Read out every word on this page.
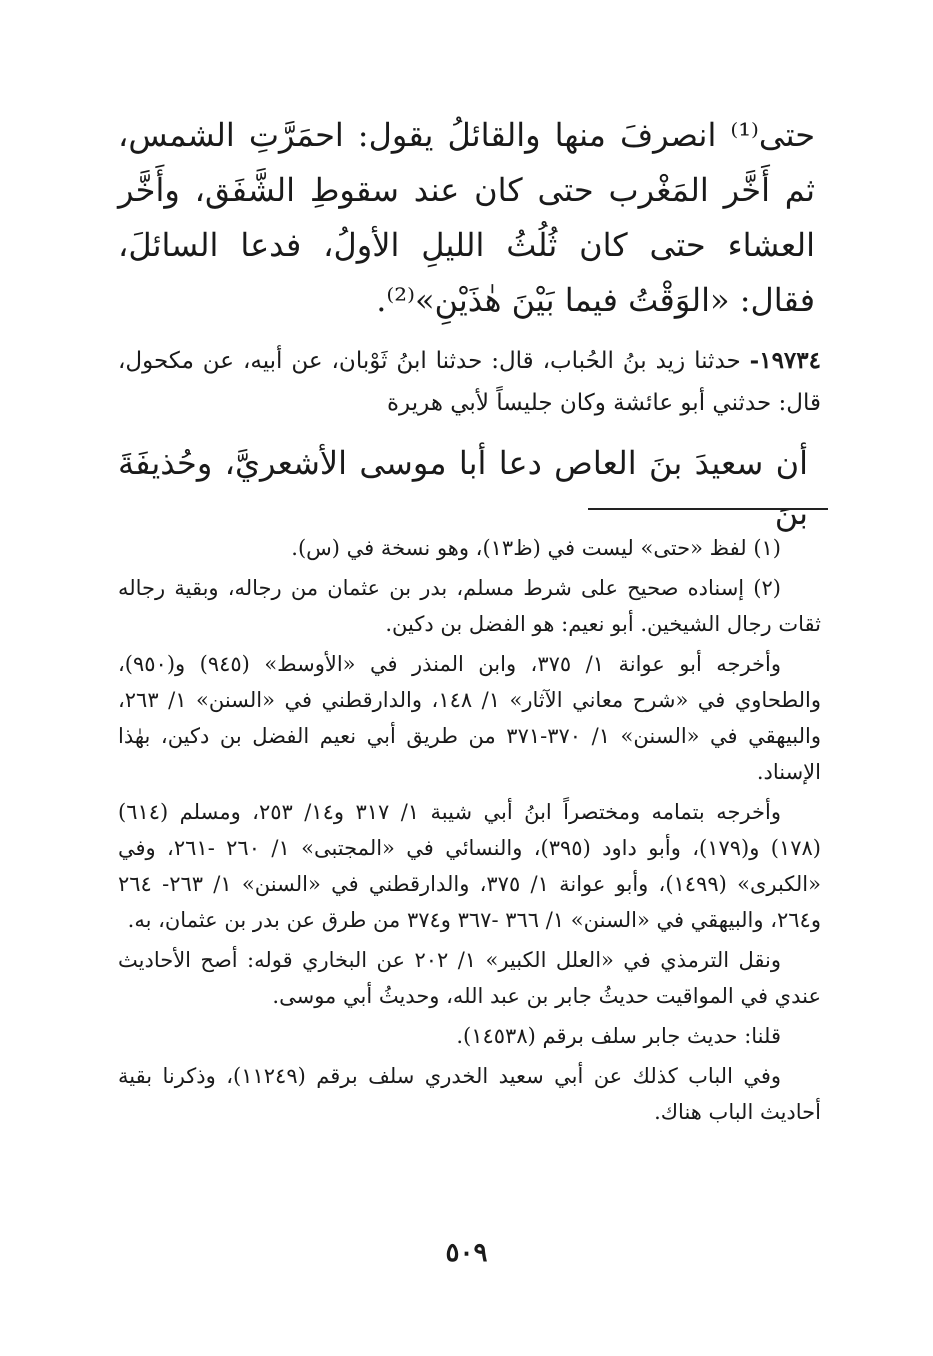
حتى⁽¹⁾ انصرفَ منها والقائلُ يقول: احمَرَّتِ الشمس، ثم أَخَّر المَغْرب حتى كان عند سقوطِ الشَّفَق، وأَخَّر العشاء حتى كان ثُلُثُ الليلِ الأولُ، فدعا السائلَ، فقال: «الوَقْتُ فيما بَيْنَ هٰذَيْنِ»⁽²⁾.
١٩٧٣٤- حدثنا زيد بنُ الحُباب، قال: حدثنا ابنُ ثَوْبان، عن أبيه، عن مكحول، قال: حدثني أبو عائشة وكان جليساً لأبي هريرة
أن سعيدَ بنَ العاص دعا أبا موسى الأشعريَّ، وحُذيفَةَ بنَ

(١) لفظ «حتى» ليست في (ظ١٣)، وهو نسخة في (س).

(٢) إسناده صحيح على شرط مسلم، بدر بن عثمان من رجاله، وبقية رجاله ثقات رجال الشيخين. أبو نعيم: هو الفضل بن دكين.

وأخرجه أبو عوانة ١/ ٣٧٥، وابن المنذر في «الأوسط» (٩٤٥) و(٩٥٠)، والطحاوي في «شرح معاني الآثار» ١/ ١٤٨، والدارقطني في «السنن» ١/ ٢٦٣، والبيهقي في «السنن» ١/ ٣٧٠-٣٧١ من طريق أبي نعيم الفضل بن دكين، بهٰذا الإسناد.

وأخرجه بتمامه ومختصراً ابنُ أبي شيبة ١/ ٣١٧ و١٤/ ٢٥٣، ومسلم (٦١٤) (١٧٨) و(١٧٩)، وأبو داود (٣٩٥)، والنسائي في «المجتبى» ١/ ٢٦٠ -٢٦١، وفي «الكبرى» (١٤٩٩)، وأبو عوانة ١/ ٣٧٥، والدارقطني في «السنن» ١/ ٢٦٣- ٢٦٤ و٢٦٤، والبيهقي في «السنن» ١/ ٣٦٦ -٣٦٧ و٣٧٤ من طرق عن بدر بن عثمان، به.

ونقل الترمذي في «العلل الكبير» ١/ ٢٠٢ عن البخاري قوله: أصح الأحاديث عندي في المواقيت حديثُ جابر بن عبد الله، وحديثُ أبي موسى.

قلنا: حديث جابر سلف برقم (١٤٥٣٨).

وفي الباب كذلك عن أبي سعيد الخدري سلف برقم (١١٢٤٩)، وذكرنا بقية أحاديث الباب هناك.

٥٠٩
